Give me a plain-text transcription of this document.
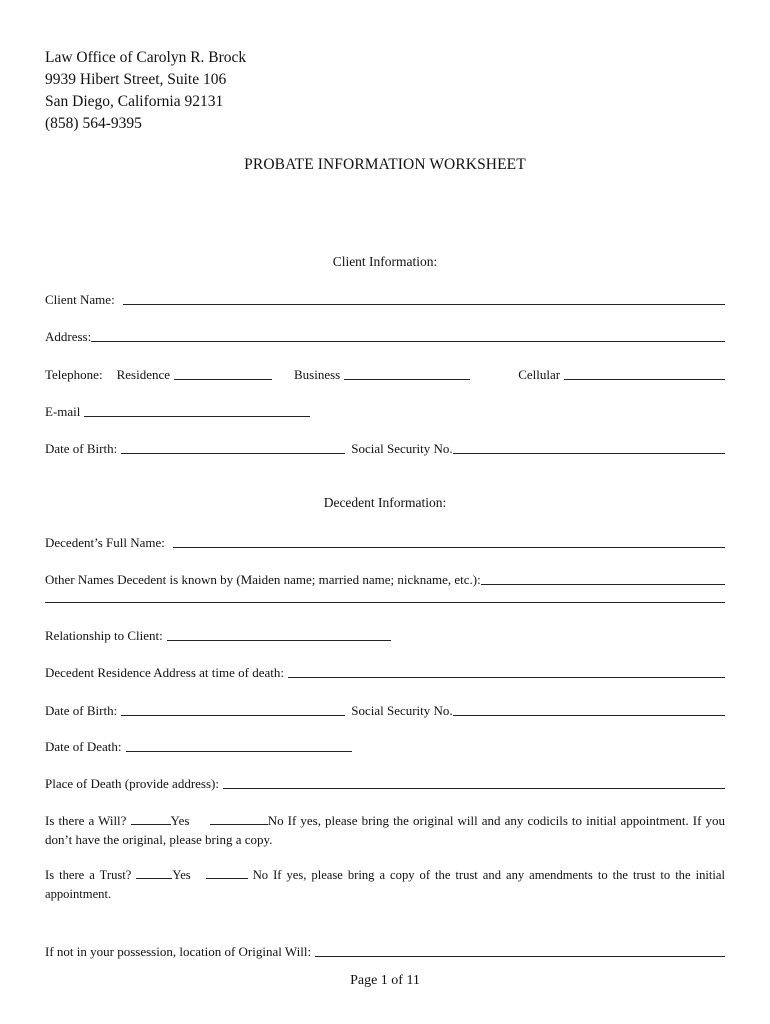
Law Office of Carolyn R. Brock
9939 Hibert Street, Suite 106
San Diego, California 92131
(858) 564-9395
PROBATE INFORMATION WORKSHEET
Client Information:
Client Name:
Address:
Telephone: Residence	Business	Cellular
E-mail
Date of Birth:	Social Security No.
Decedent Information:
Decedent’s Full Name:
Other Names Decedent is known by (Maiden name; married name; nickname, etc.):
Relationship to Client:
Decedent Residence Address at time of death:
Date of Birth:	Social Security No.
Date of Death:
Place of Death (provide address):
Is there a Will?	Yes	No If yes, please bring the original will and any codicils to initial appointment. If you don’t have the original, please bring a copy.
Is there a Trust?	Yes	No If yes, please bring a copy of the trust and any amendments to the trust to the initial appointment.
If not in your possession, location of Original Will:
Page 1 of 11
